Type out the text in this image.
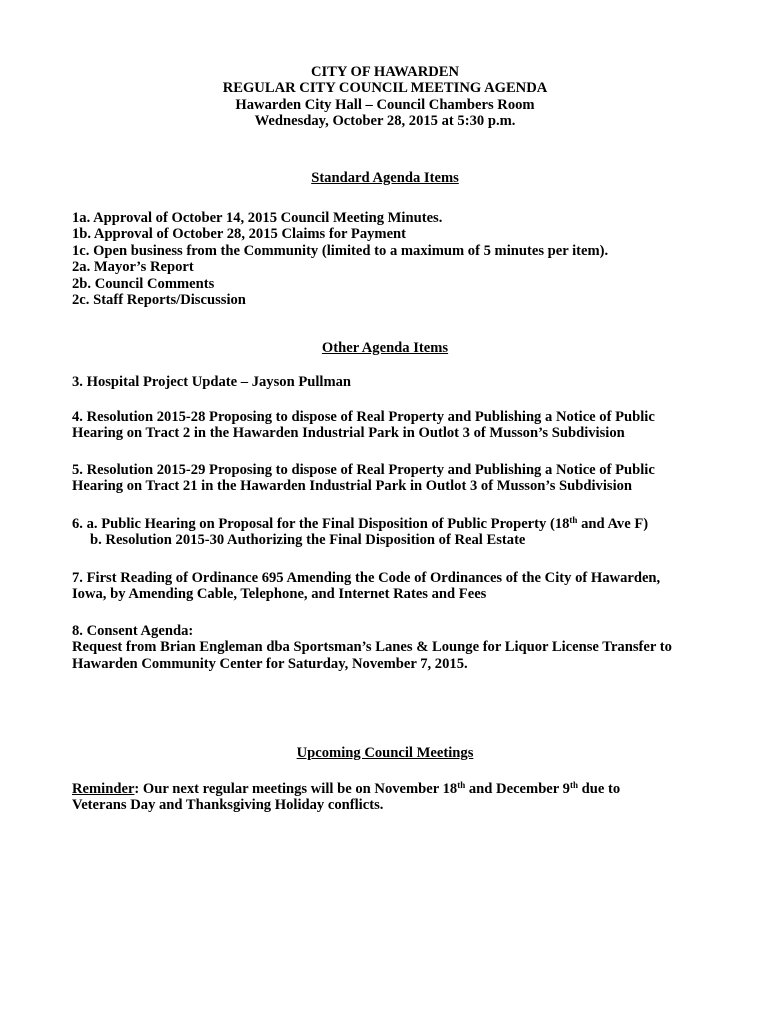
CITY OF HAWARDEN
REGULAR CITY COUNCIL MEETING AGENDA
Hawarden City Hall – Council Chambers Room
Wednesday, October 28, 2015 at 5:30 p.m.
Standard Agenda Items
1a. Approval of October 14, 2015 Council Meeting Minutes.
1b. Approval of October 28, 2015 Claims for Payment
1c. Open business from the Community (limited to a maximum of 5 minutes per item).
2a. Mayor’s Report
2b. Council Comments
2c. Staff Reports/Discussion
Other Agenda Items
3. Hospital Project Update – Jayson Pullman
4. Resolution 2015-28 Proposing to dispose of Real Property and Publishing a Notice of Public
Hearing on Tract 2 in the Hawarden Industrial Park in Outlot 3 of Musson’s Subdivision
5. Resolution 2015-29 Proposing to dispose of Real Property and Publishing a Notice of Public
Hearing on Tract 21 in the Hawarden Industrial Park in Outlot 3 of Musson’s Subdivision
6. a. Public Hearing on Proposal for the Final Disposition of Public Property (18th and Ave F)
b. Resolution 2015-30 Authorizing the Final Disposition of Real Estate
7. First Reading of Ordinance 695 Amending the Code of Ordinances of the City of Hawarden,
Iowa, by Amending Cable, Telephone, and Internet Rates and Fees
8. Consent Agenda:
Request from Brian Engleman dba Sportsman’s Lanes & Lounge for Liquor License Transfer to
Hawarden Community Center for Saturday, November 7, 2015.
Upcoming Council Meetings
Reminder: Our next regular meetings will be on November 18th and December 9th due to
Veterans Day and Thanksgiving Holiday conflicts.
